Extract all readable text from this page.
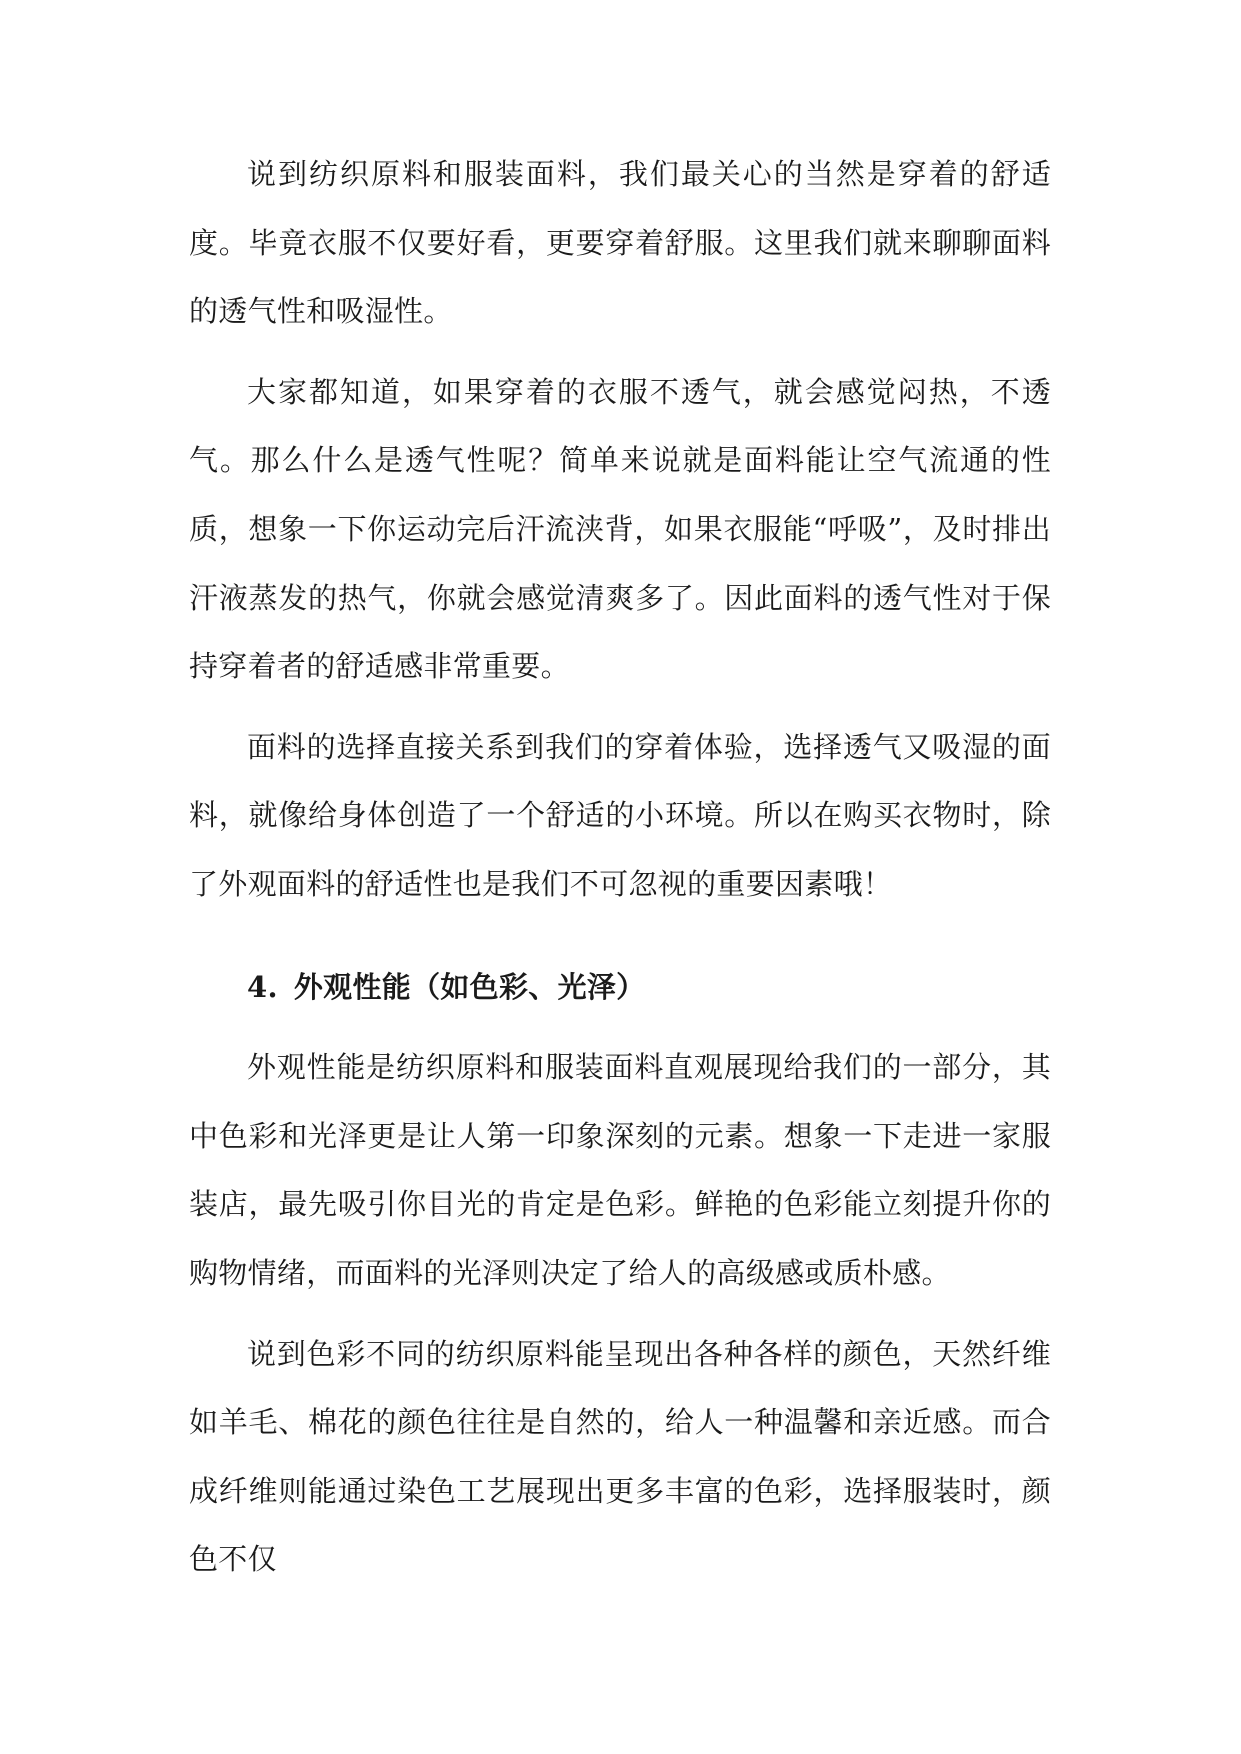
说到纺织原料和服装面料，我们最关心的当然是穿着的舒适度。毕竟衣服不仅要好看，更要穿着舒服。这里我们就来聊聊面料的透气性和吸湿性。

大家都知道，如果穿着的衣服不透气，就会感觉闷热，不透气。那么什么是透气性呢？简单来说就是面料能让空气流通的性质，想象一下你运动完后汗流浃背，如果衣服能“呼吸”，及时排出汗液蒸发的热气，你就会感觉清爽多了。因此面料的透气性对于保持穿着者的舒适感非常重要。

面料的选择直接关系到我们的穿着体验，选择透气又吸湿的面料，就像给身体创造了一个舒适的小环境。所以在购买衣物时，除了外观面料的舒适性也是我们不可忽视的重要因素哦！

4. 外观性能（如色彩、光泽）

外观性能是纺织原料和服装面料直观展现给我们的一部分，其中色彩和光泽更是让人第一印象深刻的元素。想象一下走进一家服装店，最先吸引你目光的肯定是色彩。鲜艳的色彩能立刻提升你的购物情绪，而面料的光泽则决定了给人的高级感或质朴感。

说到色彩不同的纺织原料能呈现出各种各样的颜色，天然纤维如羊毛、棉花的颜色往往是自然的，给人一种温馨和亲近感。而合成纤维则能通过染色工艺展现出更多丰富的色彩，选择服装时，颜色不仅
